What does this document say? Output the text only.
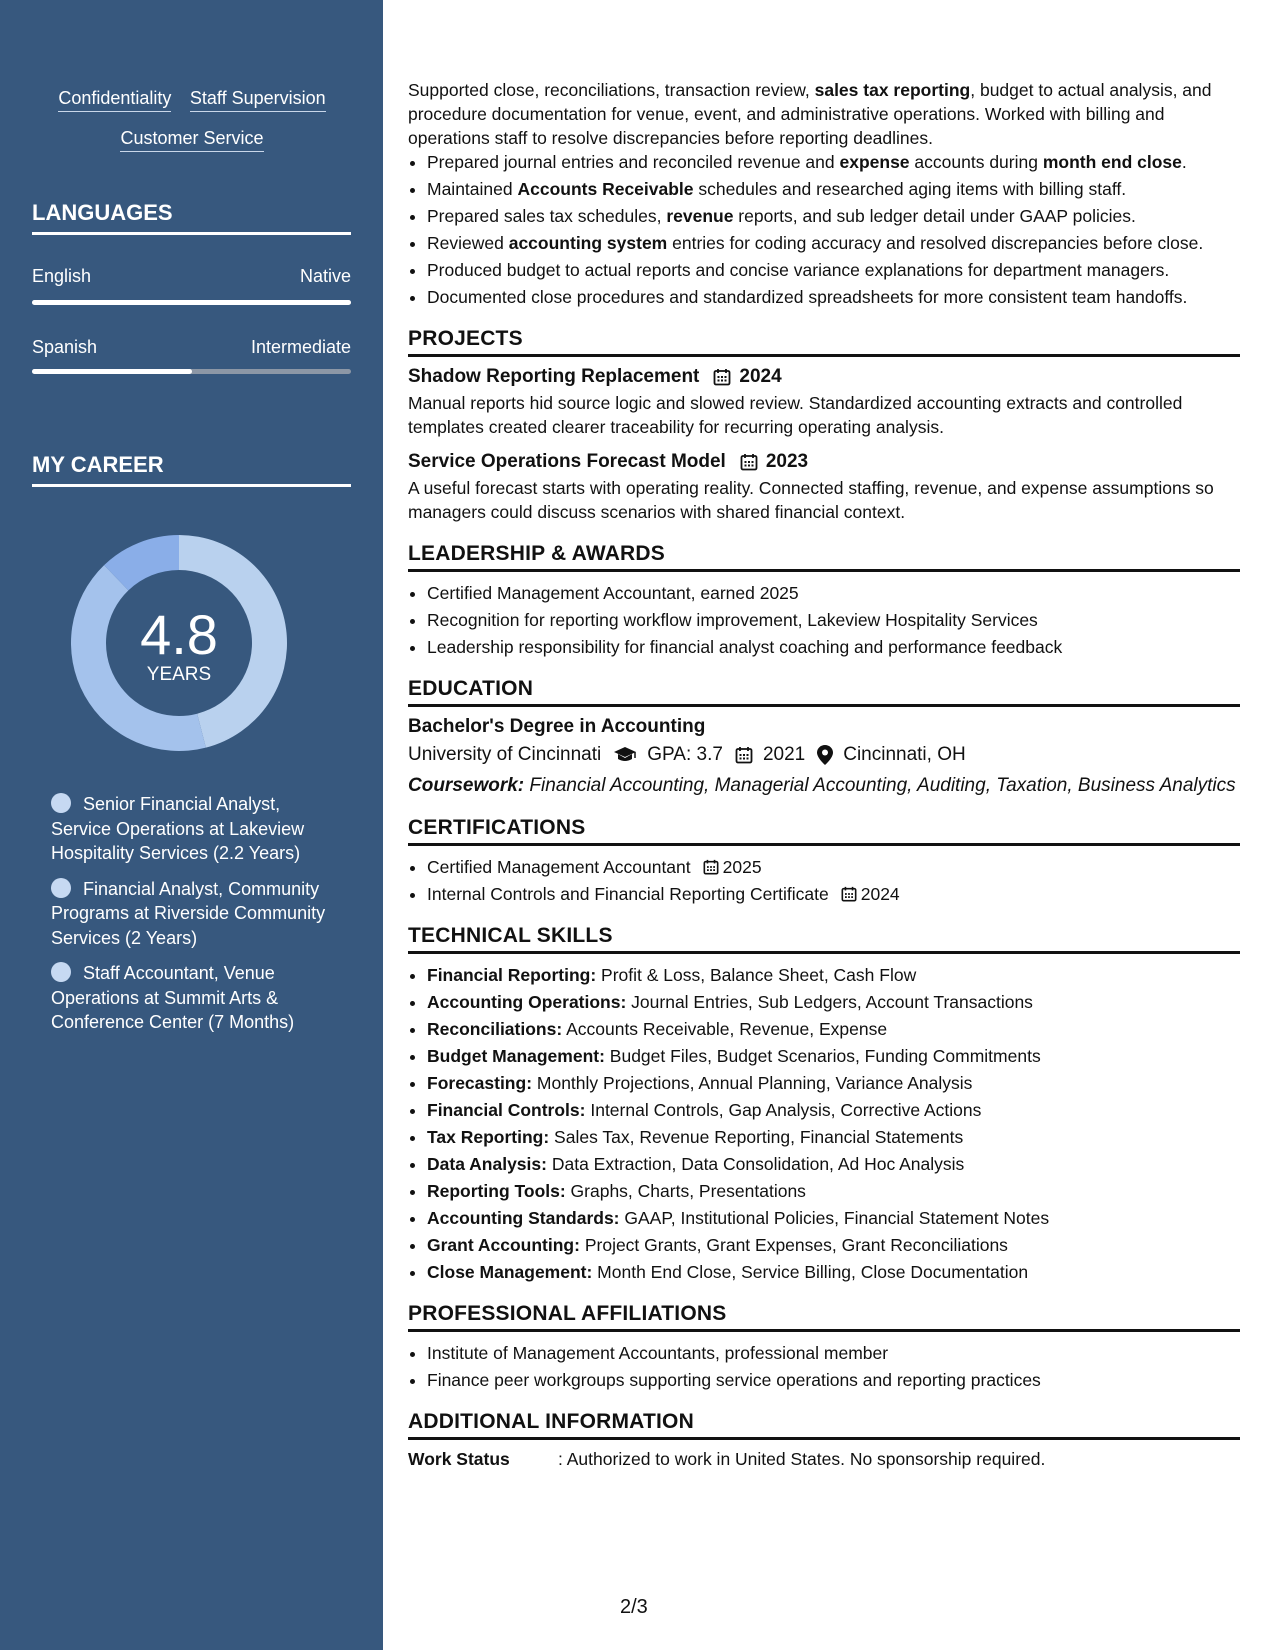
Confidentiality Staff Supervision Customer Service
LANGUAGES
English	Native
Spanish	Intermediate
MY CAREER
4.8
YEARS
Senior Financial Analyst, Service Operations at Lakeview Hospitality Services (2.2 Years)
Financial Analyst, Community Programs at Riverside Community Services (2 Years)
Staff Accountant, Venue Operations at Summit Arts & Conference Center (7 Months)

Supported close, reconciliations, transaction review, sales tax reporting, budget to actual analysis, and procedure documentation for venue, event, and administrative operations. Worked with billing and operations staff to resolve discrepancies before reporting deadlines.

• Prepared journal entries and reconciled revenue and expense accounts during month end close.
• Maintained Accounts Receivable schedules and researched aging items with billing staff.
• Prepared sales tax schedules, revenue reports, and sub ledger detail under GAAP policies.
• Reviewed accounting system entries for coding accuracy and resolved discrepancies before close.
• Produced budget to actual reports and concise variance explanations for department managers.
• Documented close procedures and standardized spreadsheets for more consistent team handoffs.
PROJECTS
Shadow Reporting Replacement 2024

Manual reports hid source logic and slowed review. Standardized accounting extracts and controlled templates created clearer traceability for recurring operating analysis.

Service Operations Forecast Model 2023

A useful forecast starts with operating reality. Connected staffing, revenue, and expense assumptions so managers could discuss scenarios with shared financial context.

LEADERSHIP & AWARDS
• Certified Management Accountant, earned 2025
• Recognition for reporting workflow improvement, Lakeview Hospitality Services
• Leadership responsibility for financial analyst coaching and performance feedback
EDUCATION
Bachelor's Degree in Accounting
University of Cincinnati GPA: 3.7 2021 Cincinnati, OH

Coursework: Financial Accounting, Managerial Accounting, Auditing, Taxation, Business Analytics

CERTIFICATIONS
• Certified Management Accountant 2025
• Internal Controls and Financial Reporting Certificate 2024
TECHNICAL SKILLS
• Financial Reporting: Profit & Loss, Balance Sheet, Cash Flow
• Accounting Operations: Journal Entries, Sub Ledgers, Account Transactions
• Reconciliations: Accounts Receivable, Revenue, Expense
• Budget Management: Budget Files, Budget Scenarios, Funding Commitments
• Forecasting: Monthly Projections, Annual Planning, Variance Analysis
• Financial Controls: Internal Controls, Gap Analysis, Corrective Actions
• Tax Reporting: Sales Tax, Revenue Reporting, Financial Statements
• Data Analysis: Data Extraction, Data Consolidation, Ad Hoc Analysis
• Reporting Tools: Graphs, Charts, Presentations
• Accounting Standards: GAAP, Institutional Policies, Financial Statement Notes
• Grant Accounting: Project Grants, Grant Expenses, Grant Reconciliations
• Close Management: Month End Close, Service Billing, Close Documentation
PROFESSIONAL AFFILIATIONS
• Institute of Management Accountants, professional member
• Finance peer workgroups supporting service operations and reporting practices
ADDITIONAL INFORMATION
Work Status	: Authorized to work in United States. No sponsorship required.
2/3
